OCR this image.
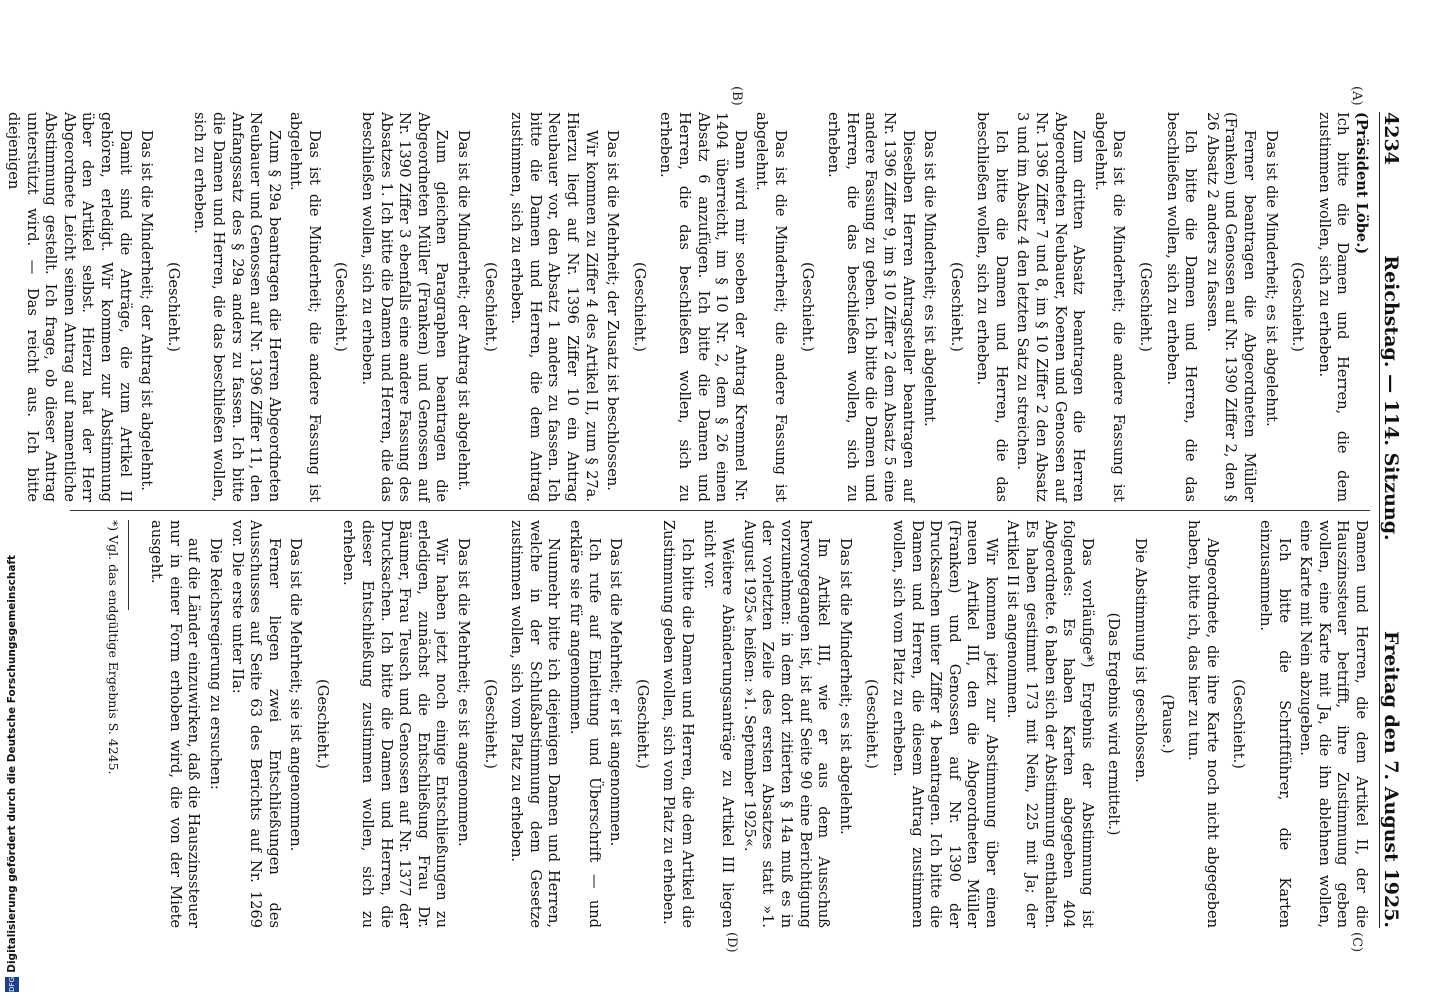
4234
Reichstag. — 114. Sitzung.
Freitag den 7. August 1925.
(A)
(B)
(C)
(D)

(Präsident Löbe.)
Ich bitte die Damen und Herren, die dem zustimmen wollen, sich zu erheben.

(Geschieht.)

Das ist die Minderheit; es ist abgelehnt.

Ferner beantragen die Abgeordneten Müller (Franken) und Genossen auf Nr. 1390 Ziffer 2, den § 26 Absatz 2 anders zu fassen.

Ich bitte die Damen und Herren, die das beschließen wollen, sich zu erheben.

(Geschieht.)

Das ist die Minderheit; die andere Fassung ist abgelehnt.

Zum dritten Absatz beantragen die Herren Abgeordneten Neubauer, Koenen und Genossen auf Nr. 1396 Ziffer 7 und 8, im § 10 Ziffer 2 den Absatz 3 und im Absatz 4 den letzten Satz zu streichen.

Ich bitte die Damen und Herren, die das beschließen wollen, sich zu erheben.

(Geschieht.)

Das ist die Minderheit; es ist abgelehnt.

Dieselben Herren Antragsteller beantragen auf Nr. 1396 Ziffer 9, im § 10 Ziffer 2 dem Absatz 5 eine andere Fassung zu geben. Ich bitte die Damen und Herren, die das beschließen wollen, sich zu erheben.

(Geschieht.)

Das ist die Minderheit; die andere Fassung ist abgelehnt.

Dann wird mir soeben der Antrag Kremmel Nr. 1404 überreicht, im § 10 Nr. 2, dem § 26 einen Absatz 6 anzufügen. Ich bitte die Damen und Herren, die das beschließen wollen, sich zu erheben.

(Geschieht.)

Das ist die Mehrheit; der Zusatz ist beschlossen.

Wir kommen zu Ziffer 4 des Artikel II, zum § 27a. Hierzu liegt auf Nr. 1396 Ziffer 10 ein Antrag Neubauer vor, den Absatz 1 anders zu fassen. Ich bitte die Damen und Herren, die dem Antrag zustimmen, sich zu erheben.

(Geschieht.)

Das ist die Minderheit; der Antrag ist abgelehnt.

Zum gleichen Paragraphen beantragen die Abgeordneten Müller (Franken) und Genossen auf Nr. 1390 Ziffer 3 ebenfalls eine andere Fassung des Absatzes 1. Ich bitte die Damen und Herren, die das beschließen wollen, sich zu erheben.

(Geschieht.)

Das ist die Minderheit; die andere Fassung ist abgelehnt.

Zum § 29a beantragen die Herren Abgeordneten Neubauer und Genossen auf Nr. 1396 Ziffer 11, den Anfangssatz des § 29a anders zu fassen. Ich bitte die Damen und Herren, die das beschließen wollen, sich zu erheben.

(Geschieht.)

Das ist die Minderheit; der Antrag ist abgelehnt.

Damit sind die Anträge, die zum Artikel II gehören, erledigt. Wir kommen zur Abstimmung über den Artikel selbst. Hierzu hat der Herr Abgeordnete Leicht seinen Antrag auf namentliche Abstimmung gestellt. Ich frage, ob dieser Antrag unterstützt wird. — Das reicht aus. Ich bitte diejenigen

Damen und Herren, die dem Artikel II, der die Hauszinssteuer betrifft, ihre Zustimmung geben wollen, eine Karte mit Ja, die ihn ablehnen wollen, eine Karte mit Nein abzugeben.

Ich bitte die Schriftführer, die Karten einzusammeln.

(Geschieht.)

Abgeordnete, die ihre Karte noch nicht abgegeben haben, bitte ich, das hier zu tun.

(Pause.)

Die Abstimmung ist geschlossen.

(Das Ergebnis wird ermittelt.)

Das vorläufige*) Ergebnis der Abstimmung ist folgendes: Es haben Karten abgegeben 404 Abgeordnete. 6 haben sich der Abstimmung enthalten. Es haben gestimmt 173 mit Nein, 225 mit Ja; der Artikel II ist angenommen.

Wir kommen jetzt zur Abstimmung über einen neuen Artikel III, den die Abgeordneten Müller (Franken) und Genossen auf Nr. 1390 der Drucksachen unter Ziffer 4 beantragen. Ich bitte die Damen und Herren, die diesem Antrag zustimmen wollen, sich vom Platz zu erheben.

(Geschieht.)

Das ist die Minderheit; es ist abgelehnt.

Im Artikel III, wie er aus dem Ausschuß hervorgegangen ist, ist auf Seite 90 eine Berichtigung vorzunehmen: in dem dort zitierten § 14a muß es in der vorletzten Zeile des ersten Absatzes statt »1. August 1925« heißen: »1. September 1925«.

Weitere Abänderungsanträge zu Artikel III liegen nicht vor.

Ich bitte die Damen und Herren, die dem Artikel die Zustimmung geben wollen, sich vom Platz zu erheben.

(Geschieht.)

Das ist die Mehrheit; er ist angenommen.

Ich rufe auf Einleitung und Überschrift — und erkläre sie für angenommen.

Nunmehr bitte ich diejenigen Damen und Herren, welche in der Schlußabstimmung dem Gesetze zustimmen wollen, sich vom Platz zu erheben.

(Geschieht.)

Das ist die Mehrheit; es ist angenommen.

Wir haben jetzt noch einige Entschließungen zu erledigen, zunächst die Entschließung Frau Dr. Bäumer, Frau Teusch und Genossen auf Nr. 1377 der Drucksachen. Ich bitte die Damen und Herren, die dieser Entschließung zustimmen wollen, sich zu erheben.

(Geschieht.)

Das ist die Mehrheit; sie ist angenommen.

Ferner liegen zwei Entschließungen des Ausschusses auf Seite 63 des Berichts auf Nr. 1269 vor. Die erste unter IIa:

Die Reichsregierung zu ersuchen:

auf die Länder einzuwirken, daß die Hauszinssteuer nur in einer Form erhoben wird, die von der Miete ausgeht.

*) Vgl. das endgültige Ergebnis S. 4245.

Digitalisierung gefördert durch die Deutsche Forschungsgemeinschaft
DFG
